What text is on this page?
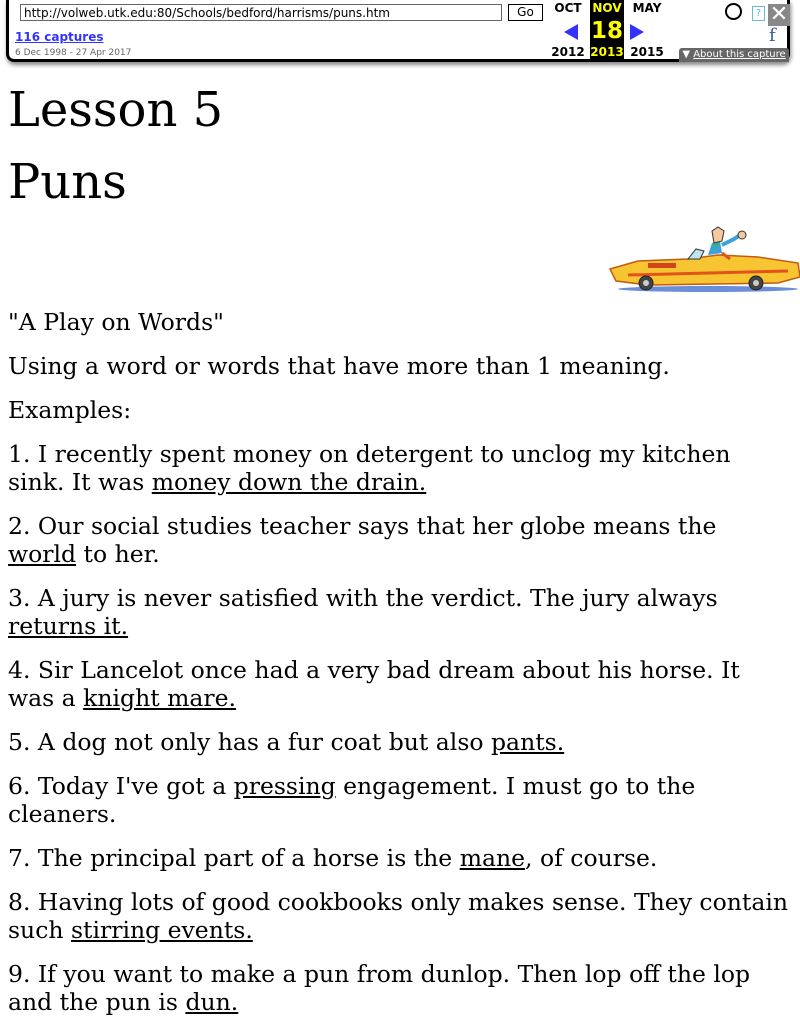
http://volweb.utk.edu:80/Schools/bedford/harrisms/puns.htm
Go
116 captures
6 Dec 1998 - 27 Apr 2017
OCT
2012
NOV
18
2013
MAY
2015
? ✕
f
▼ About this capture
Lesson 5
Puns

"A Play on Words"

Using a word or words that have more than 1 meaning.

Examples:

1. I recently spent money on detergent to unclog my kitchen
sink. It was money down the drain.
2. Our social studies teacher says that her globe means the
world to her.
3. A jury is never satisfied with the verdict. The jury always
returns it.
4. Sir Lancelot once had a very bad dream about his horse. It
was a knight mare.
5. A dog not only has a fur coat but also pants.
6. Today I've got a pressing engagement. I must go to the
cleaners.
7. The principal part of a horse is the mane, of course.
8. Having lots of good cookbooks only makes sense. They contain
such stirring events.
9. If you want to make a pun from dunlop. Then lop off the lop
and the pun is dun.
